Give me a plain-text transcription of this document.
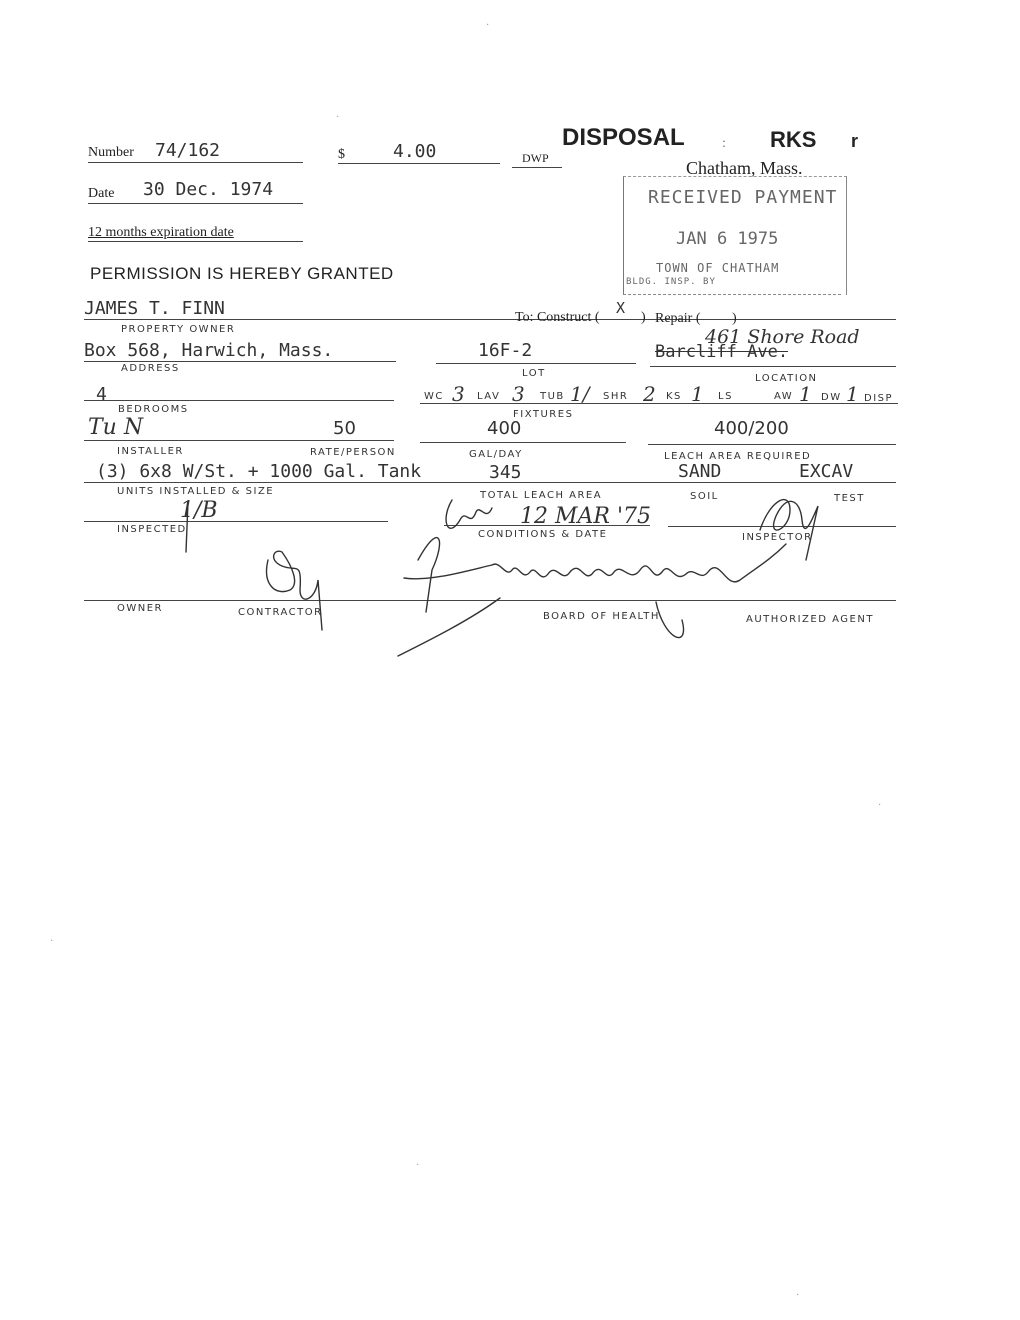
Number 74/162	$	4.00	DWP
DISPOSAL	: RKS r
Chatham, Mass.
Date 30 Dec. 1974
12 months expiration date
PERMISSION IS HEREBY GRANTED
RECEIVED PAYMENT
JAN 6 1975
TOWN OF CHATHAM
BLDG. INSP. BY
JAMES T. FINN
PROPERTY OWNER
To: Construct (
X
) Repair ( )
Box 568, Harwich, Mass.
ADDRESS
16F-2
LOT
461 Shore Road
Barcliff Ave.
LOCATION
4
BEDROOMS
WC 3 LAV 3 TUB 1/ SHR 2 KS 1 LS	AW 1 DW 1 DISP
FIXTURES
Tu N
INSTALLER
50
RATE/PERSON
400
GAL/DAY
400/200
LEACH AREA REQUIRED
(3) 6x8 W/St. + 1000 Gal. Tank
UNITS INSTALLED & SIZE
345
TOTAL LEACH AREA
SAND
SOIL
EXCAV
TEST
1/B
INSPECTED
12 MAR '75
CONDITIONS & DATE	INSPECTOR
OWNER	CONTRACTOR	BOARD OF HEALTH	AUTHORIZED AGENT
·
·
·
·
·
·
